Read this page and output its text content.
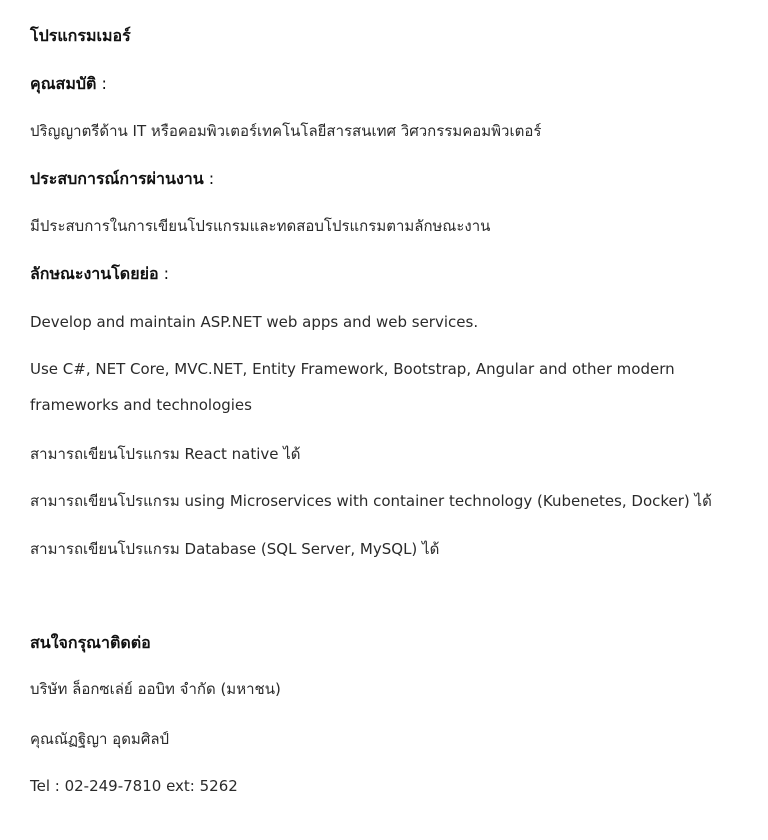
โปรแกรมเมอร์
คุณสมบัติ :
ปริญญาตรีด้าน IT หรือคอมพิวเตอร์เทคโนโลยีสารสนเทศ วิศวกรรมคอมพิวเตอร์
ประสบการณ์การผ่านงาน :
มีประสบการในการเขียนโปรแกรมและทดสอบโปรแกรมตามลักษณะงาน
ลักษณะงานโดยย่อ :
Develop and maintain ASP.NET web apps and web services.
Use C#, NET Core, MVC.NET, Entity Framework, Bootstrap, Angular and other modern frameworks and technologies
สามารถเขียนโปรแกรม React native ได้
สามารถเขียนโปรแกรม using Microservices with container technology (Kubenetes, Docker) ได้
สามารถเขียนโปรแกรม Database (SQL Server, MySQL) ได้
สนใจกรุณาติดต่อ
บริษัท ล็อกซเล่ย์ ออบิท จำกัด (มหาชน)
คุณณัฏฐิญา อุดมศิลป์
Tel : 02-249-7810 ext: 5262
